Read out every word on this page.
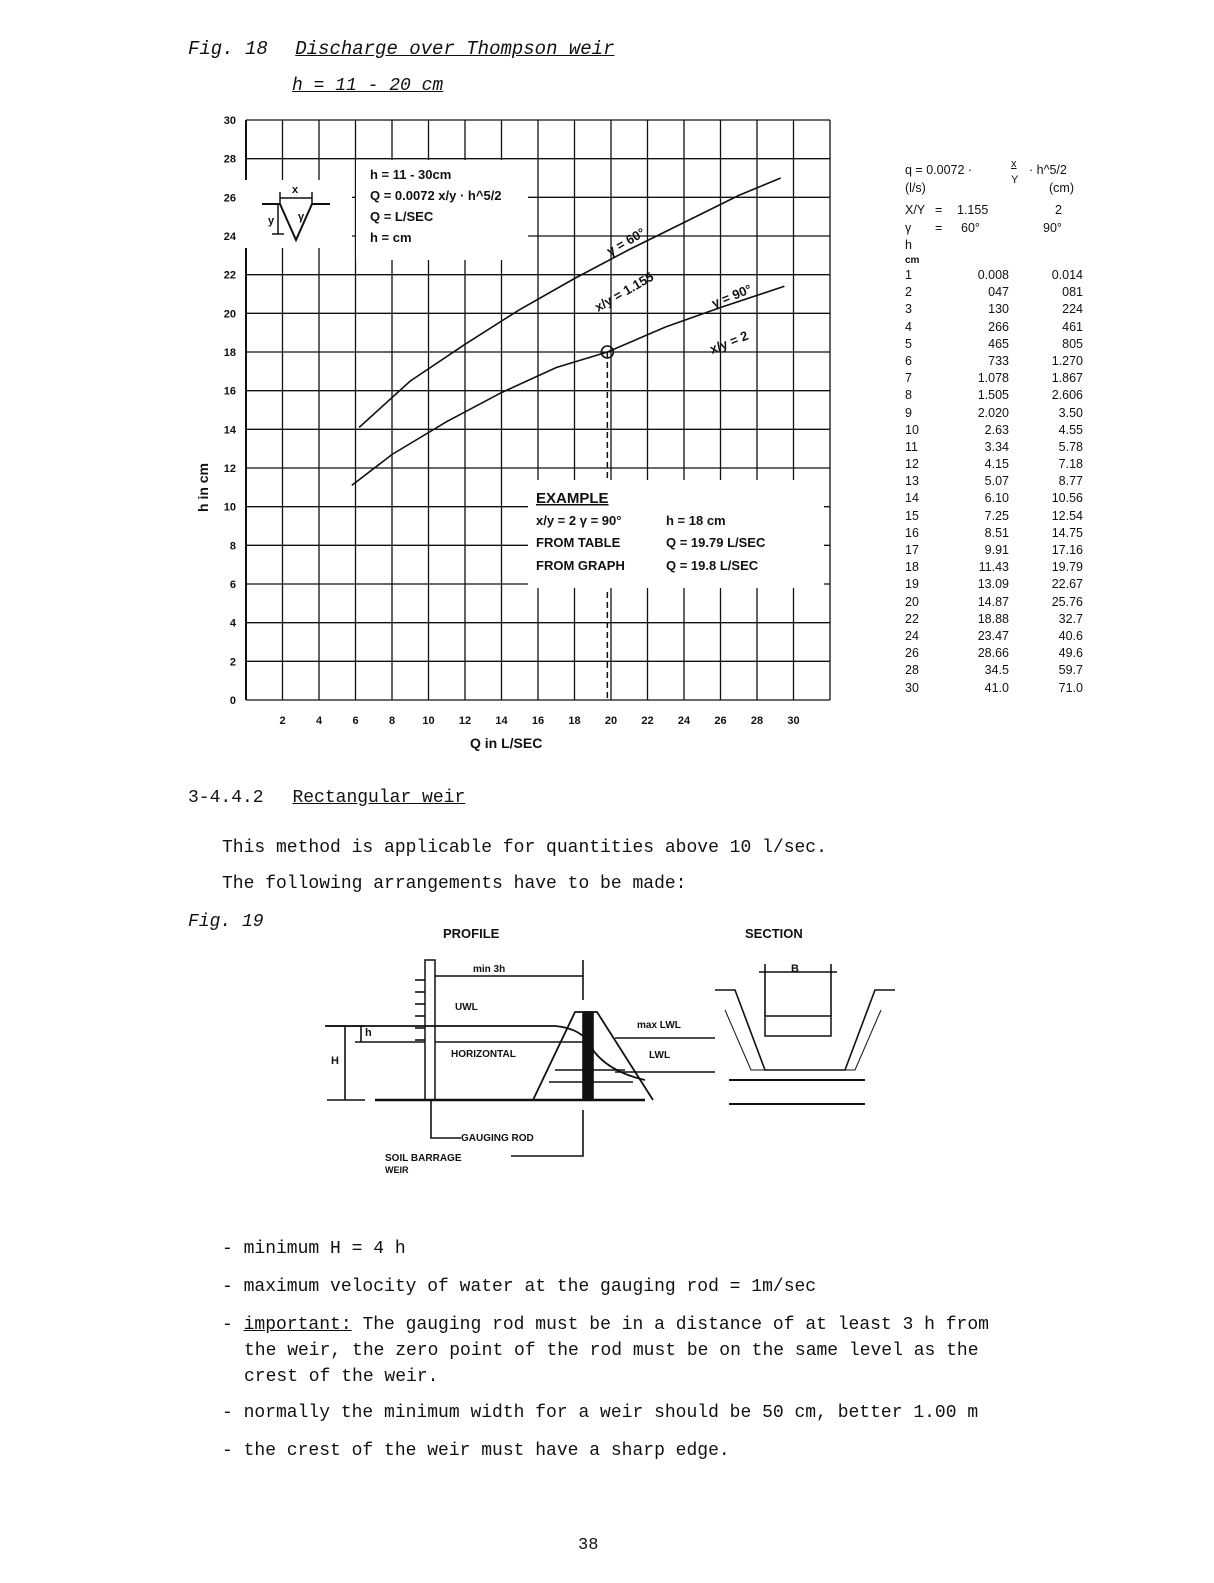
Fig. 18 Discharge over Thompson weir
h = 11 - 20 cm
0
2
4
6
8
10
12
14
16
18
20
22
24
26
28
30
2	4	6	8 10 12 14 16 18 20 22 24 26 28 30
h = 11 - 30cm
Q = 0.0072 x/y · h^5/2
Q = L/SEC
h = cm
x
y γ
EXAMPLE
x/y = 2 γ = 90°	h = 18 cm
FROM TABLE	Q = 19.79 L/SEC
FROM GRAPH	Q = 19.8 L/SEC
γ = 60°
x/y = 1.155	γ = 90°
x/y = 2
Q in L/SEC
h in cm
q = 0.0072 ·	x
Y
· h^5/2
(l/s)	(cm)
X/Y = 1.155	2
γ = 60°	90°
h
cm
1	0.008	0.014
2	047	081
3	130	224
4	266	461
5	465	805
6	733	1.270
7	1.078	1.867
8	1.505	2.606
9	2.020	3.50
10	2.63	4.55
11	3.34	5.78
12	4.15	7.18
13	5.07	8.77
14	6.10	10.56
15	7.25	12.54
16	8.51	14.75
17	9.91	17.16
18	11.43	19.79
19	13.09	22.67
20	14.87	25.76
22	18.88	32.7
24	23.47	40.6
26	28.66	49.6
28	34.5	59.7
30	41.0	71.0
3-4.4.2 Rectangular weir
This method is applicable for quantities above 10 l/sec.
The following arrangements have to be made:
Fig. 19
PROFILE	SECTION
min 3h
UWL
HORIZONTAL
max LWL
LWL
H
h
B
GAUGING ROD
SOIL BARRAGE
WEIR
- minimum H = 4 h
- maximum velocity of water at the gauging rod = 1m/sec
- important: The gauging rod must be in a distance of at least 3 h from
the weir, the zero point of the rod must be on the same level as the
crest of the weir.
- normally the minimum width for a weir should be 50 cm, better 1.00 m
- the crest of the weir must have a sharp edge.
38
